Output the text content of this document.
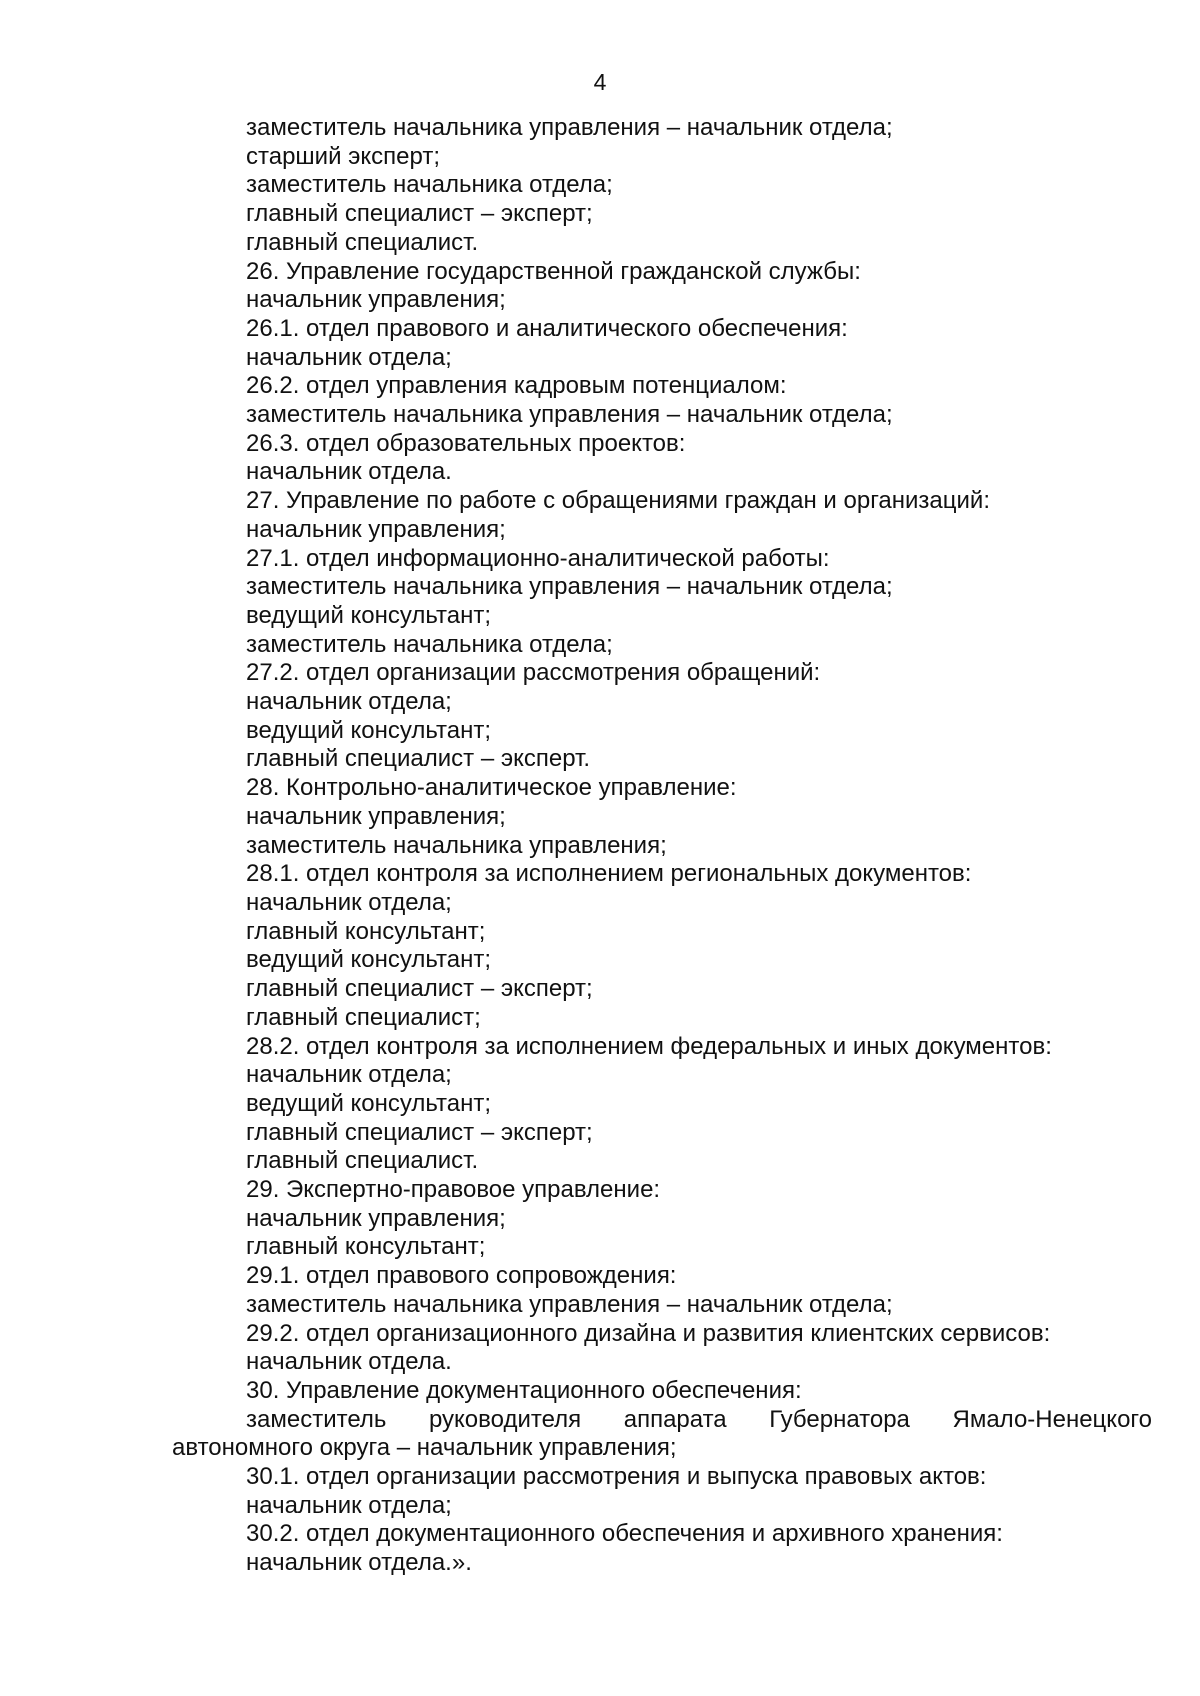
4
заместитель начальника управления – начальник отдела;
старший эксперт;
заместитель начальника отдела;
главный специалист – эксперт;
главный специалист.
26. Управление государственной гражданской службы:
начальник управления;
26.1. отдел правового и аналитического обеспечения:
начальник отдела;
26.2. отдел управления кадровым потенциалом:
заместитель начальника управления – начальник отдела;
26.3. отдел образовательных проектов:
начальник отдела.
27. Управление по работе с обращениями граждан и организаций:
начальник управления;
27.1. отдел информационно-аналитической работы:
заместитель начальника управления – начальник отдела;
ведущий консультант;
заместитель начальника отдела;
27.2. отдел организации рассмотрения обращений:
начальник отдела;
ведущий консультант;
главный специалист – эксперт.
28. Контрольно-аналитическое управление:
начальник управления;
заместитель начальника управления;
28.1. отдел контроля за исполнением региональных документов:
начальник отдела;
главный консультант;
ведущий консультант;
главный специалист – эксперт;
главный специалист;
28.2. отдел контроля за исполнением федеральных и иных документов:
начальник отдела;
ведущий консультант;
главный специалист – эксперт;
главный специалист.
29. Экспертно-правовое управление:
начальник управления;
главный консультант;
29.1. отдел правового сопровождения:
заместитель начальника управления – начальник отдела;
29.2. отдел организационного дизайна и развития клиентских сервисов:
начальник отдела.
30. Управление документационного обеспечения:
заместитель руководителя аппарата Губернатора Ямало-Ненецкого
автономного округа – начальник управления;
30.1. отдел организации рассмотрения и выпуска правовых актов:
начальник отдела;
30.2. отдел документационного обеспечения и архивного хранения:
начальник отдела.».
